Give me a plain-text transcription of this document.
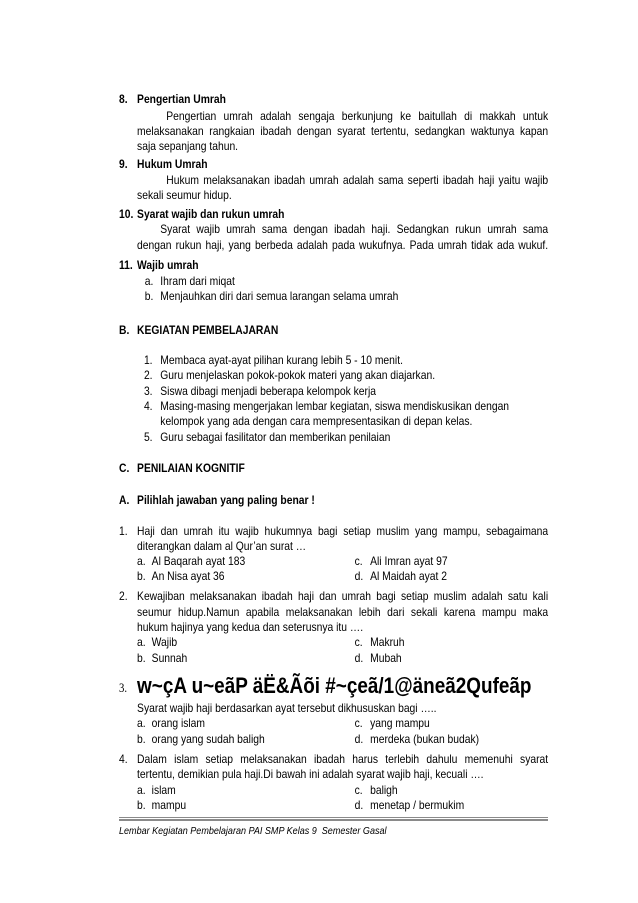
8. Pengertian Umrah
Pengertian umrah adalah sengaja berkunjung ke baitullah di makkah untuk
melaksanakan rangkaian ibadah dengan syarat tertentu, sedangkan waktunya kapan
saja sepanjang tahun.
9. Hukum Umrah
Hukum melaksanakan ibadah umrah adalah sama seperti ibadah haji yaitu wajib
sekali seumur hidup.
10. Syarat wajib dan rukun umrah
Syarat wajib umrah sama dengan ibadah haji. Sedangkan rukun umrah sama
dengan rukun haji, yang berbeda adalah pada wukufnya. Pada umrah tidak ada wukuf.
11. Wajib umrah
a. Ihram dari miqat
b. Menjauhkan diri dari semua larangan selama umrah
B. KEGIATAN PEMBELAJARAN
1. Membaca ayat-ayat pilihan kurang lebih 5 - 10 menit.
2. Guru menjelaskan pokok-pokok materi yang akan diajarkan.
3. Siswa dibagi menjadi beberapa kelompok kerja
4. Masing-masing mengerjakan lembar kegiatan, siswa mendiskusikan dengan
kelompok yang ada dengan cara mempresentasikan di depan kelas.
5. Guru sebagai fasilitator dan memberikan penilaian
C. PENILAIAN KOGNITIF
A. Pilihlah jawaban yang paling benar !
1. Haji dan umrah itu wajib hukumnya bagi setiap muslim yang mampu, sebagaimana
diterangkan dalam al Qur’an surat …
a. Al Baqarah ayat 183	c. Ali Imran ayat 97
b. An Nisa ayat 36	d. Al Maidah ayat 2
2. Kewajiban melaksanakan ibadah haji dan umrah bagi setiap muslim adalah satu kali
seumur hidup.Namun apabila melaksanakan lebih dari sekali karena mampu maka
hukum hajinya yang kedua dan seterusnya itu ….
a. Wajib	c. Makruh
b. Sunnah	d. Mubah
3. w~çA u~eãP äË&Ãõi #~çeã/1@äneã2Qufeãp
Syarat wajib haji berdasarkan ayat tersebut dikhususkan bagi …..
a. orang islam	c. yang mampu
b. orang yang sudah baligh	d. merdeka (bukan budak)
4. Dalam islam setiap melaksanakan ibadah harus terlebih dahulu memenuhi syarat
tertentu, demikian pula haji.Di bawah ini adalah syarat wajib haji, kecuali ….
a. islam	c. baligh
b. mampu	d. menetap / bermukim
Lembar Kegiatan Pembelajaran PAI SMP Kelas 9  Semester Gasal
